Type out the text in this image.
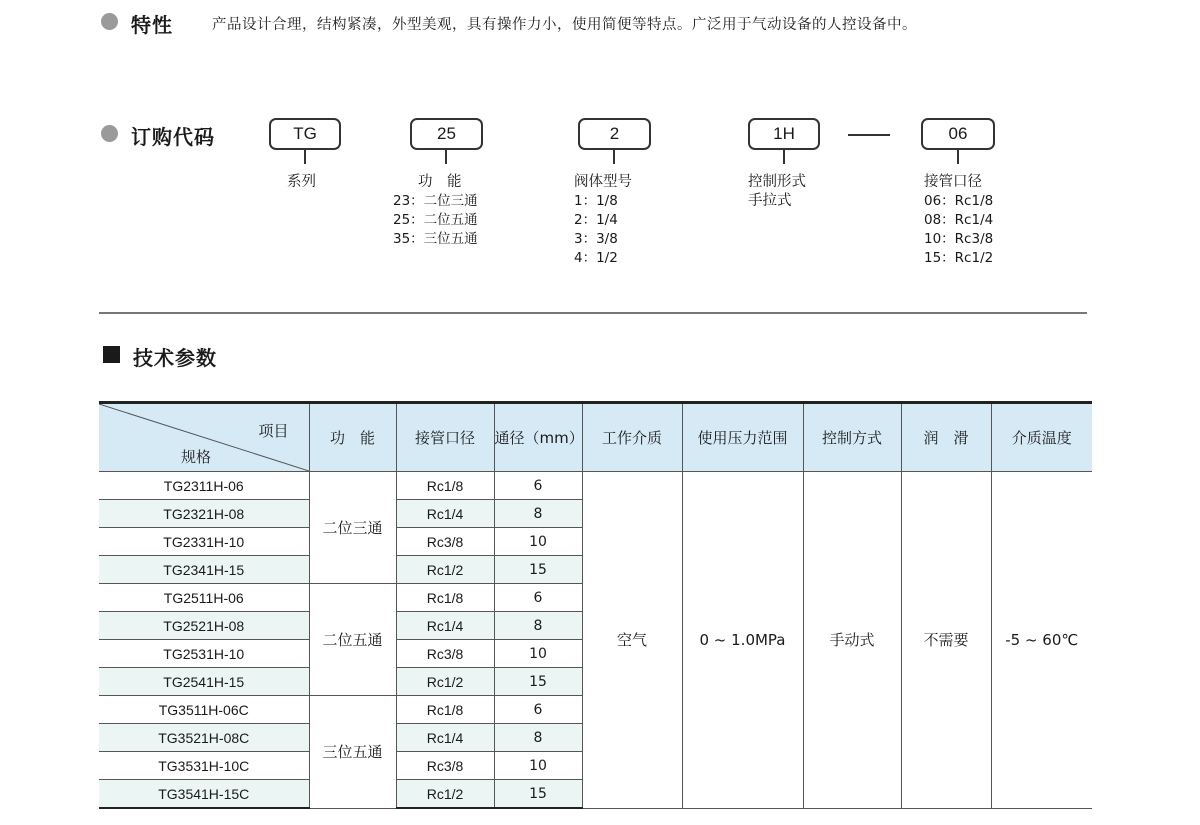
特性	产品设计合理，结构紧凑，外型美观，具有操作力小，使用简便等特点。广泛用于气动设备的人控设备中。
订购代码	TG	25	2	1H	06
系列	功　能
23：二位三通
25：二位五通
35：三位五通
阀体型号
1：1/8
2：1/4
3：3/8
4：1/2
控制形式
手拉式
接管口径
06：Rc1/8
08：Rc1/4
10：Rc3/8
15：Rc1/2
技术参数
项目
规格	功　能	接管口径	通径（mm）	工作介质	使用压力范围	控制方式	润　滑	介质温度
TG2311H-06	二位三通	Rc1/8	6	空气	0 ~ 1.0MPa	手动式	不需要	-5 ~ 60℃
TG2321H-08		Rc1/4	8					
TG2331H-10		Rc3/8	10					
TG2341H-15		Rc1/2	15					
TG2511H-06	二位五通	Rc1/8	6					
TG2521H-08		Rc1/4	8					
TG2531H-10		Rc3/8	10					
TG2541H-15		Rc1/2	15					
TG3511H-06C	三位五通	Rc1/8	6					
TG3521H-08C		Rc1/4	8					
TG3531H-10C		Rc3/8	10					
TG3541H-15C		Rc1/2	15					
